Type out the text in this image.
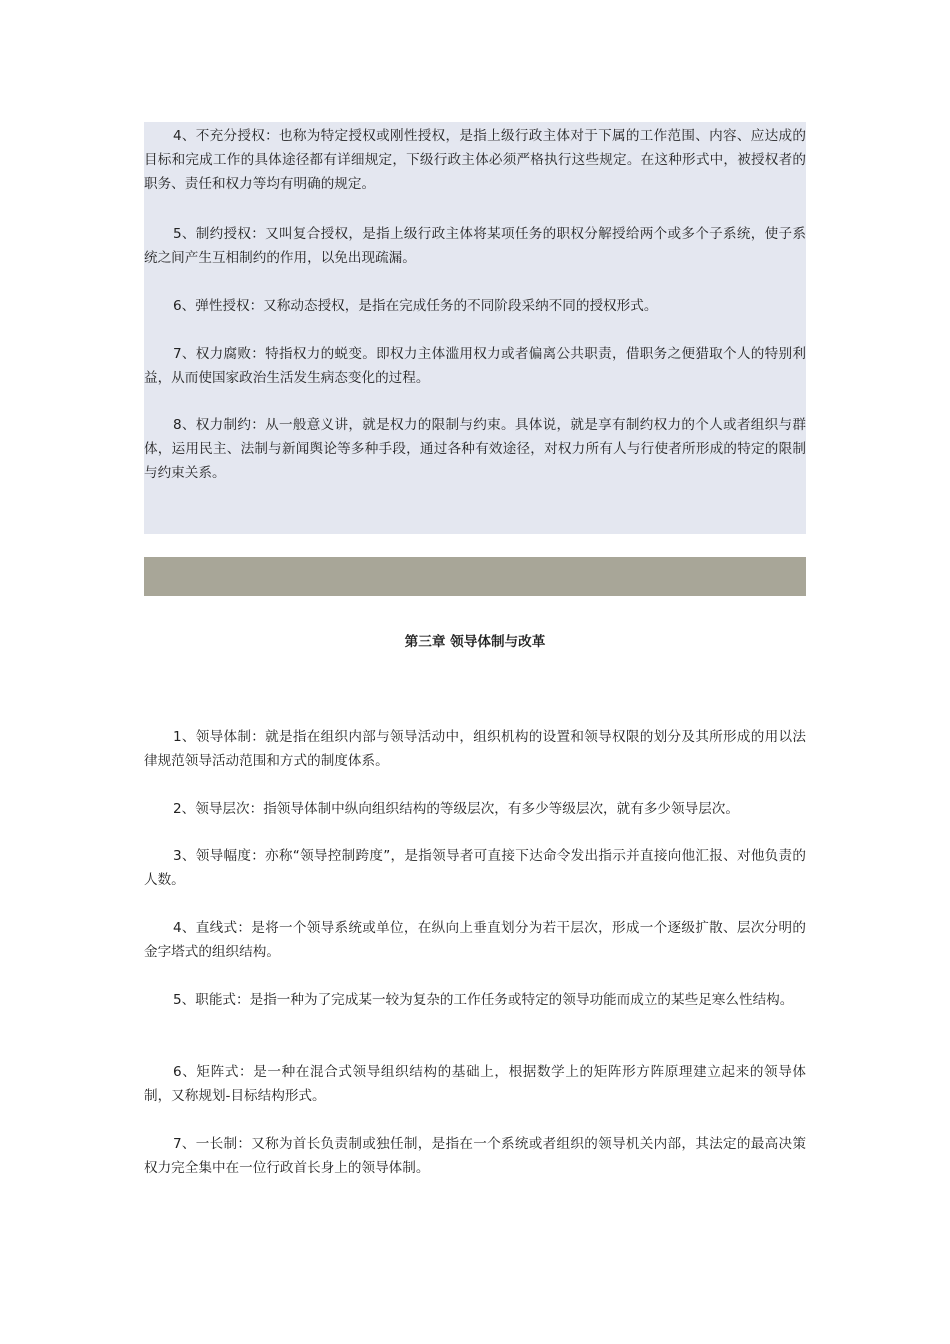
4、不充分授权：也称为特定授权或刚性授权，是指上级行政主体对于下属的工作范围、内容、应达成的目标和完成工作的具体途径都有详细规定，下级行政主体必须严格执行这些规定。在这种形式中，被授权者的职务、责任和权力等均有明确的规定。

5、制约授权：又叫复合授权，是指上级行政主体将某项任务的职权分解授给两个或多个子系统，使子系统之间产生互相制约的作用，以免出现疏漏。

6、弹性授权：又称动态授权，是指在完成任务的不同阶段采纳不同的授权形式。

7、权力腐败：特指权力的蜕变。即权力主体滥用权力或者偏离公共职责，借职务之便猎取个人的特别利益，从而使国家政治生活发生病态变化的过程。

8、权力制约：从一般意义讲，就是权力的限制与约束。具体说，就是享有制约权力的个人或者组织与群体，运用民主、法制与新闻舆论等多种手段，通过各种有效途径，对权力所有人与行使者所形成的特定的限制与约束关系。

第三章 领导体制与改革

1、领导体制：就是指在组织内部与领导活动中，组织机构的设置和领导权限的划分及其所形成的用以法律规范领导活动范围和方式的制度体系。

2、领导层次：指领导体制中纵向组织结构的等级层次，有多少等级层次，就有多少领导层次。

3、领导幅度：亦称“领导控制跨度”，是指领导者可直接下达命令发出指示并直接向他汇报、对他负责的人数。

4、直线式：是将一个领导系统或单位，在纵向上垂直划分为若干层次，形成一个逐级扩散、层次分明的金字塔式的组织结构。

5、职能式：是指一种为了完成某一较为复杂的工作任务或特定的领导功能而成立的某些足寒么性结构。

6、矩阵式：是一种在混合式领导组织结构的基础上，根据数学上的矩阵形方阵原理建立起来的领导体制，又称规划-目标结构形式。

7、一长制：又称为首长负责制或独任制，是指在一个系统或者组织的领导机关内部，其法定的最高决策权力完全集中在一位行政首长身上的领导体制。
